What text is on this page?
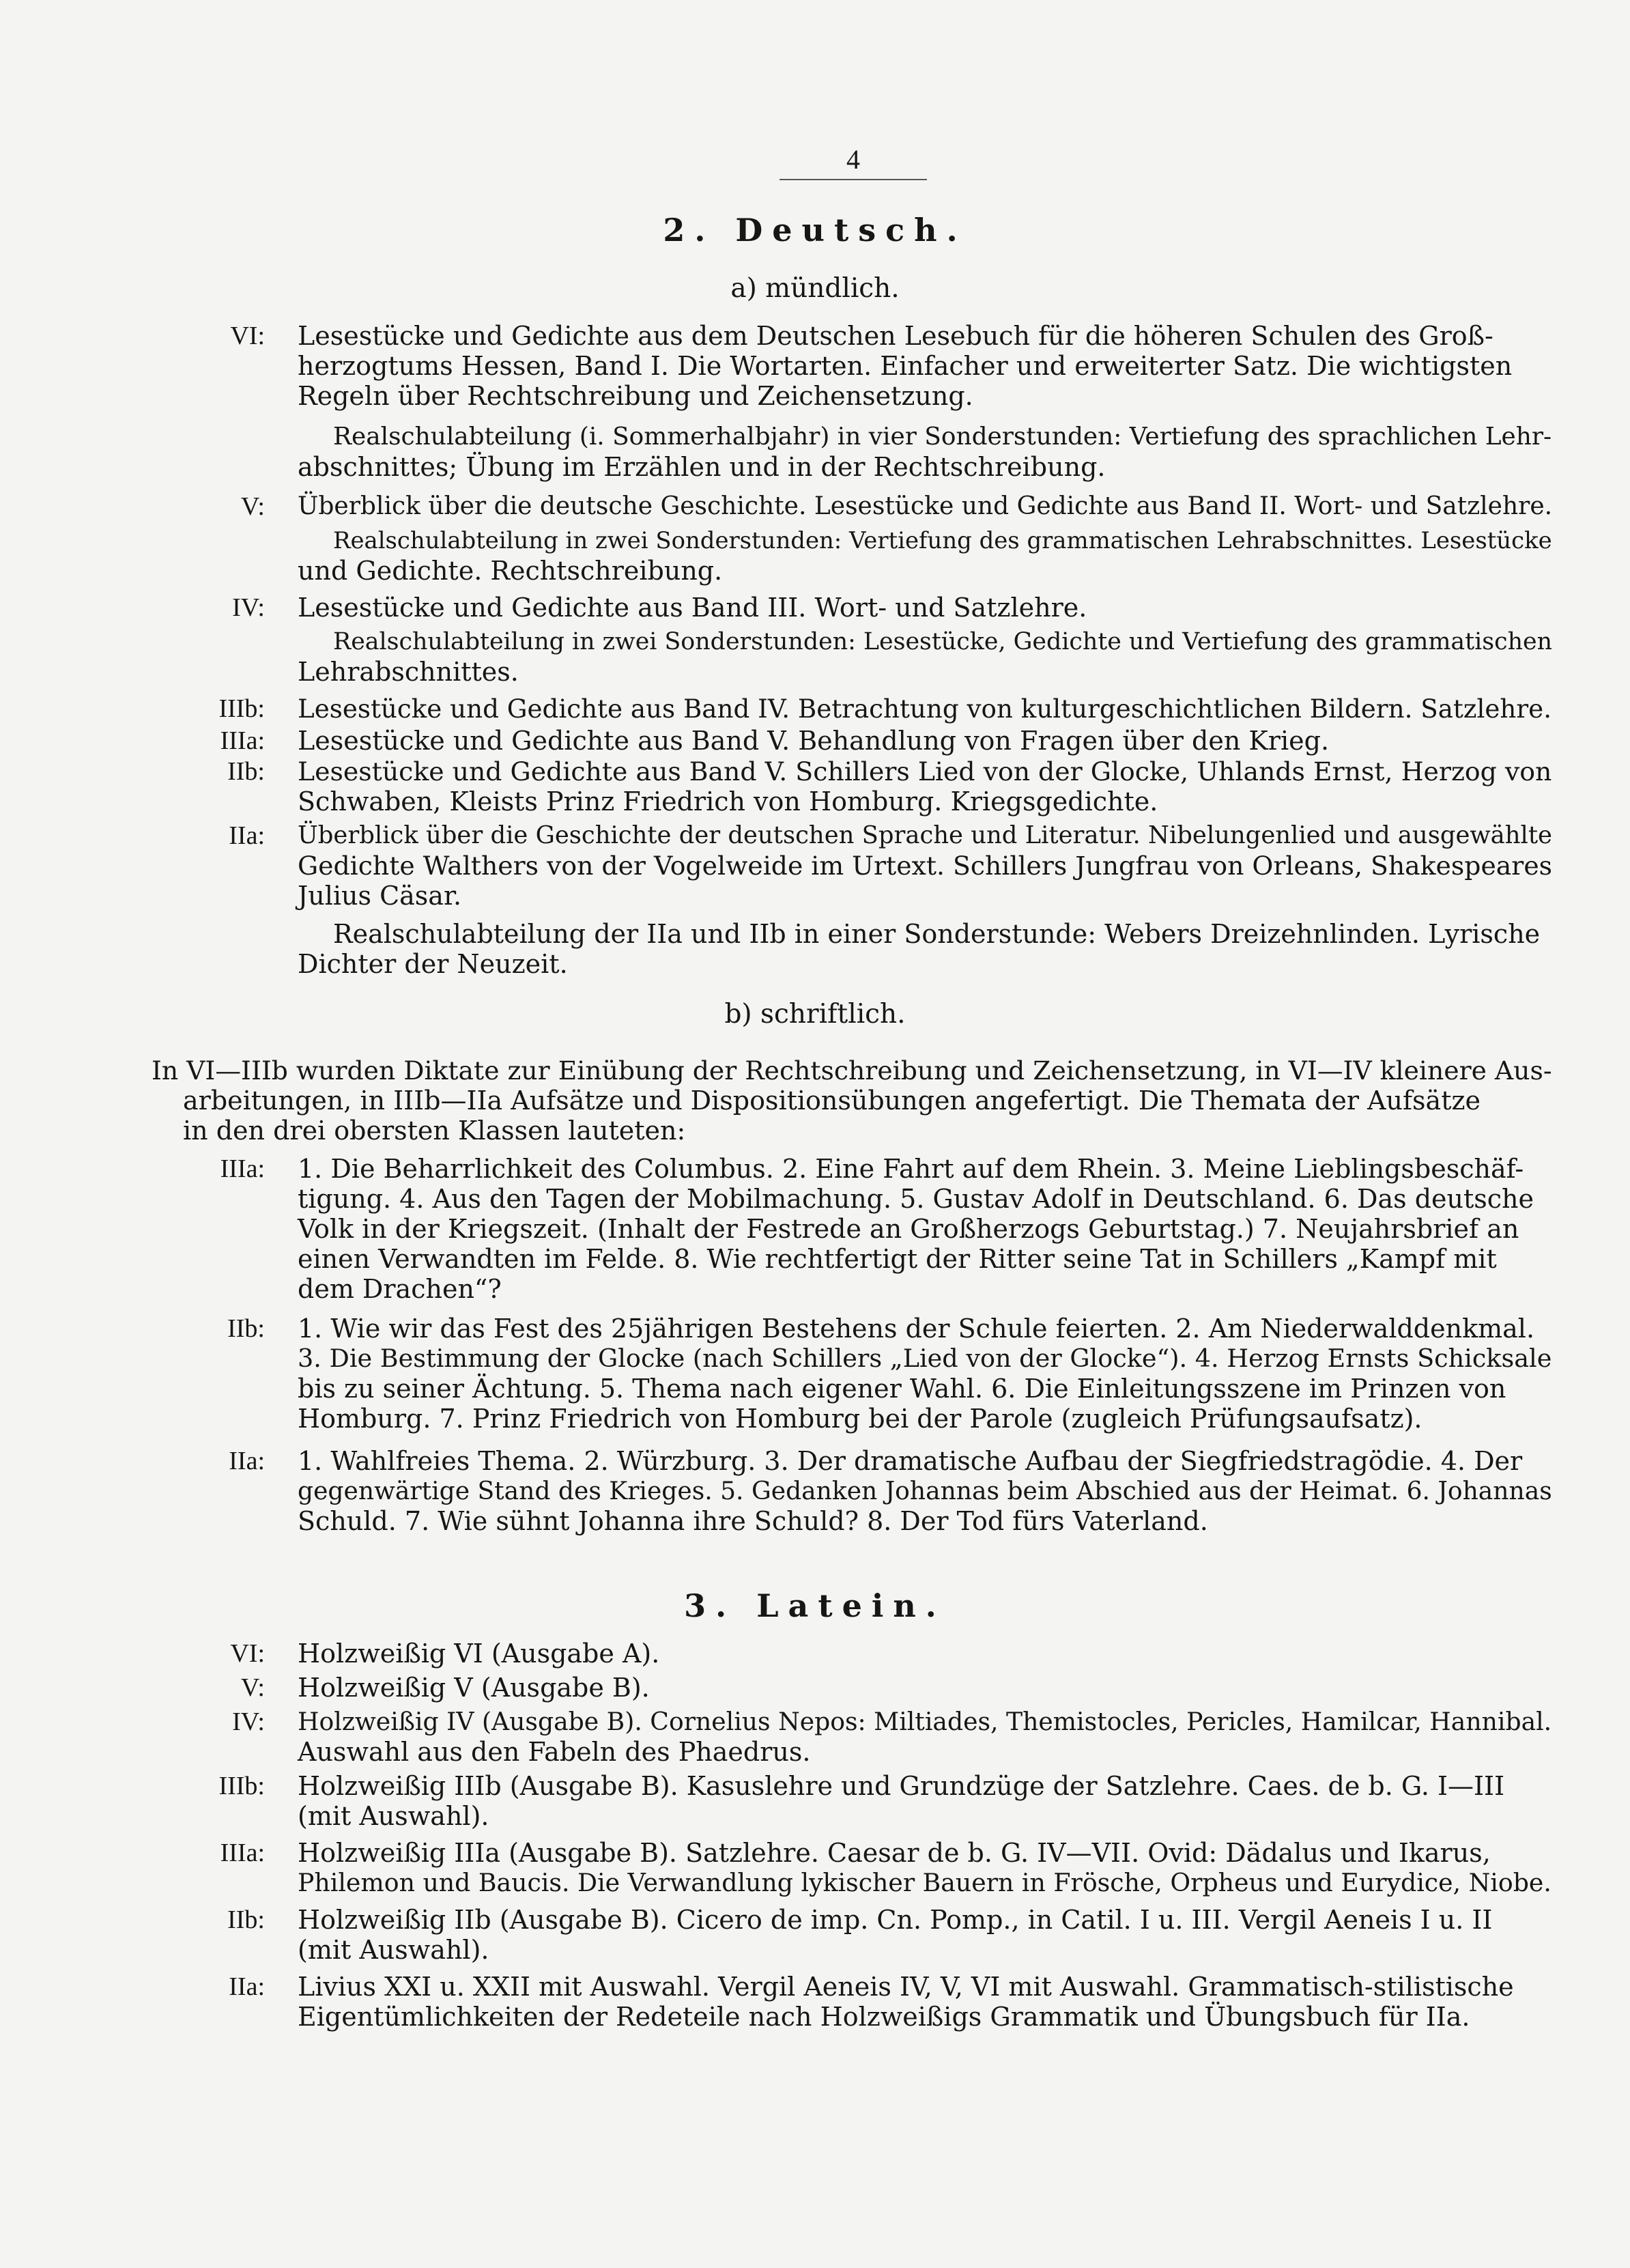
4
2. Deutsch.
a) mündlich.
VI: Lesestücke und Gedichte aus dem Deutschen Lesebuch für die höheren Schulen des Groß-
herzogtums Hessen, Band I. Die Wortarten. Einfacher und erweiterter Satz. Die wichtigsten
Regeln über Rechtschreibung und Zeichensetzung.
Realschulabteilung (i. Sommerhalbjahr) in vier Sonderstunden: Vertiefung des sprachlichen Lehr-
abschnittes; Übung im Erzählen und in der Rechtschreibung.
V: Überblick über die deutsche Geschichte. Lesestücke und Gedichte aus Band II. Wort- und Satzlehre.
Realschulabteilung in zwei Sonderstunden: Vertiefung des grammatischen Lehrabschnittes. Lesestücke
und Gedichte. Rechtschreibung.
IV: Lesestücke und Gedichte aus Band III. Wort- und Satzlehre.
Realschulabteilung in zwei Sonderstunden: Lesestücke, Gedichte und Vertiefung des grammatischen
Lehrabschnittes.
IIIb: Lesestücke und Gedichte aus Band IV. Betrachtung von kulturgeschichtlichen Bildern. Satzlehre.
IIIa: Lesestücke und Gedichte aus Band V. Behandlung von Fragen über den Krieg.
IIb: Lesestücke und Gedichte aus Band V. Schillers Lied von der Glocke, Uhlands Ernst, Herzog von
Schwaben, Kleists Prinz Friedrich von Homburg. Kriegsgedichte.
IIa: Überblick über die Geschichte der deutschen Sprache und Literatur. Nibelungenlied und ausgewählte
Gedichte Walthers von der Vogelweide im Urtext. Schillers Jungfrau von Orleans, Shakespeares
Julius Cäsar.
Realschulabteilung der IIa und IIb in einer Sonderstunde: Webers Dreizehnlinden. Lyrische
Dichter der Neuzeit.
b) schriftlich.
In VI—IIIb wurden Diktate zur Einübung der Rechtschreibung und Zeichensetzung, in VI—IV kleinere Aus-
arbeitungen, in IIIb—IIa Aufsätze und Dispositionsübungen angefertigt. Die Themata der Aufsätze
in den drei obersten Klassen lauteten:
IIIa: 1. Die Beharrlichkeit des Columbus. 2. Eine Fahrt auf dem Rhein. 3. Meine Lieblingsbeschäf-
tigung. 4. Aus den Tagen der Mobilmachung. 5. Gustav Adolf in Deutschland. 6. Das deutsche
Volk in der Kriegszeit. (Inhalt der Festrede an Großherzogs Geburtstag.) 7. Neujahrsbrief an
einen Verwandten im Felde. 8. Wie rechtfertigt der Ritter seine Tat in Schillers „Kampf mit
dem Drachen“?
IIb: 1. Wie wir das Fest des 25jährigen Bestehens der Schule feierten. 2. Am Niederwalddenkmal.
3. Die Bestimmung der Glocke (nach Schillers „Lied von der Glocke“). 4. Herzog Ernsts Schicksale
bis zu seiner Ächtung. 5. Thema nach eigener Wahl. 6. Die Einleitungsszene im Prinzen von
Homburg. 7. Prinz Friedrich von Homburg bei der Parole (zugleich Prüfungsaufsatz).
IIa: 1. Wahlfreies Thema. 2. Würzburg. 3. Der dramatische Aufbau der Siegfriedstragödie. 4. Der
gegenwärtige Stand des Krieges. 5. Gedanken Johannas beim Abschied aus der Heimat. 6. Johannas
Schuld. 7. Wie sühnt Johanna ihre Schuld? 8. Der Tod fürs Vaterland.
3. Latein.
VI: Holzweißig VI (Ausgabe A).
V: Holzweißig V (Ausgabe B).
IV: Holzweißig IV (Ausgabe B). Cornelius Nepos: Miltiades, Themistocles, Pericles, Hamilcar, Hannibal.
Auswahl aus den Fabeln des Phaedrus.
IIIb: Holzweißig IIIb (Ausgabe B). Kasuslehre und Grundzüge der Satzlehre. Caes. de b. G. I—III
(mit Auswahl).
IIIa: Holzweißig IIIa (Ausgabe B). Satzlehre. Caesar de b. G. IV—VII. Ovid: Dädalus und Ikarus,
Philemon und Baucis. Die Verwandlung lykischer Bauern in Frösche, Orpheus und Eurydice, Niobe.
IIb: Holzweißig IIb (Ausgabe B). Cicero de imp. Cn. Pomp., in Catil. I u. III. Vergil Aeneis I u. II
(mit Auswahl).
IIa: Livius XXI u. XXII mit Auswahl. Vergil Aeneis IV, V, VI mit Auswahl. Grammatisch-stilistische
Eigentümlichkeiten der Redeteile nach Holzweißigs Grammatik und Übungsbuch für IIa.
